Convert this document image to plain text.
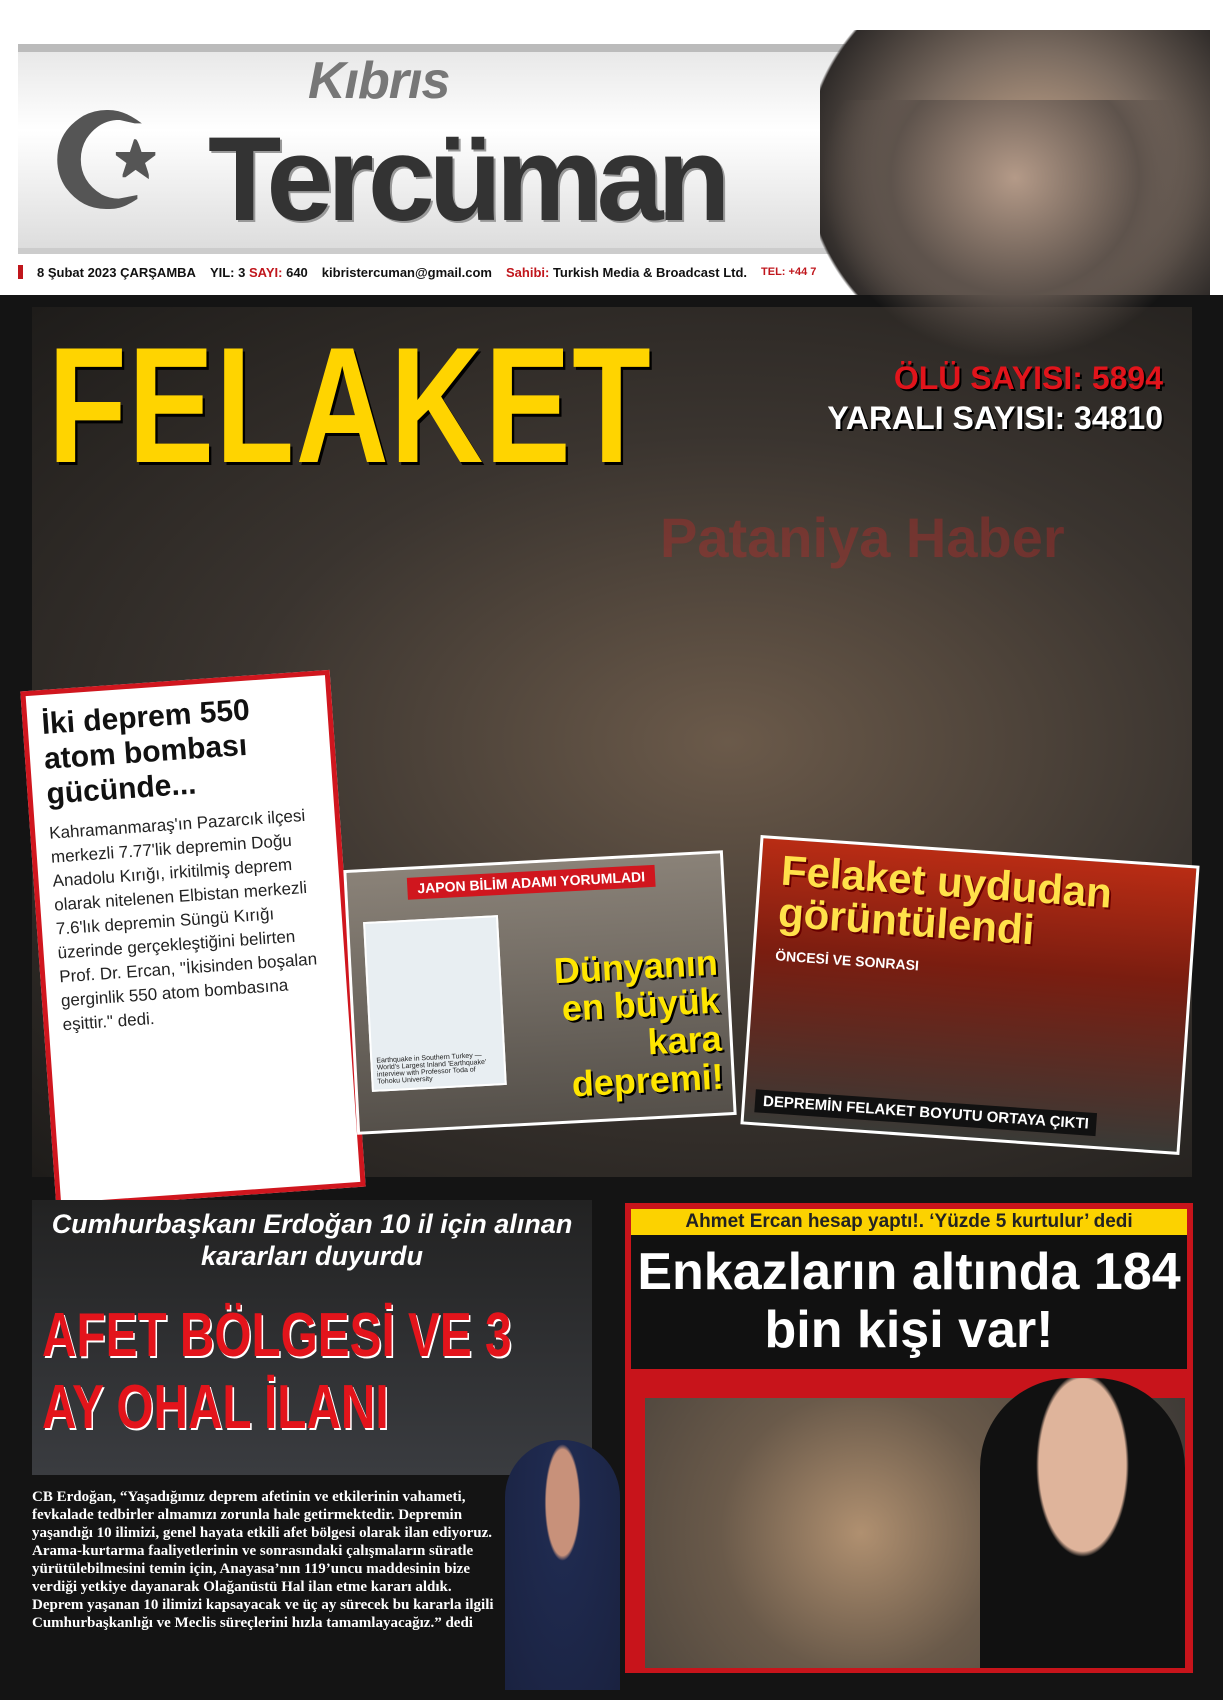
☪
Kıbrıs
Tercüman
8 Şubat 2023 ÇARŞAMBA YIL: 3 SAYI: 640 kibristercuman@gmail.com Sahibi: Turkish Media & Broadcast Ltd. TEL: +44 7
FELAKET	ÖLÜ SAYISI: 5894
YARALI SAYISI: 34810
Pataniya Haber
İki deprem 550 atom bombası gücünde...

Kahramanmaraş'ın Pazarcık ilçesi merkezli 7.77'lik depremin Doğu Anadolu Kırığı, irkitilmiş deprem olarak nitelenen Elbistan merkezli 7.6'lık depremin Süngü Kırığı üzerinde gerçekleştiğini belirten Prof. Dr. Ercan, "İkisinden boşalan gerginlik 550 atom bombasına eşittir." dedi.

JAPON BİLİM ADAMI YORUMLADI
Earthquake in Southern Turkey — World's Largest Inland 'Earthquake' interview with Professor Toda of Tohoku University
Dünyanın en büyük kara depremi!
Felaket uydudan görüntülendi
ÖNCESİ VE SONRASI
DEPREMİN FELAKET BOYUTU ORTAYA ÇIKTI
Cumhurbaşkanı Erdoğan 10 il için alınan kararları duyurdu
AFET BÖLGESİ VE 3 AY OHAL İLANI
CB Erdoğan, “Yaşadığımız deprem afetinin ve etkilerinin vahameti, fevkalade tedbirler almamızı zorunla hale getirmektedir. Depremin yaşandığı 10 ilimizi, genel hayata etkili afet bölgesi olarak ilan ediyoruz. Arama-kurtarma faaliyetlerinin ve sonrasındaki çalışmaların süratle yürütülebilmesini temin için, Anayasa’nın 119’uncu maddesinin bize verdiği yetkiye dayanarak Olağanüstü Hal ilan etme kararı aldık. Deprem yaşanan 10 ilimizi kapsayacak ve üç ay sürecek bu kararla ilgili Cumhurbaşkanlığı ve Meclis süreçlerini hızla tamamlayacağız.” dedi
Ahmet Ercan hesap yaptı!. ‘Yüzde 5 kurtulur’ dedi
Enkazların altında 184 bin kişi var!
